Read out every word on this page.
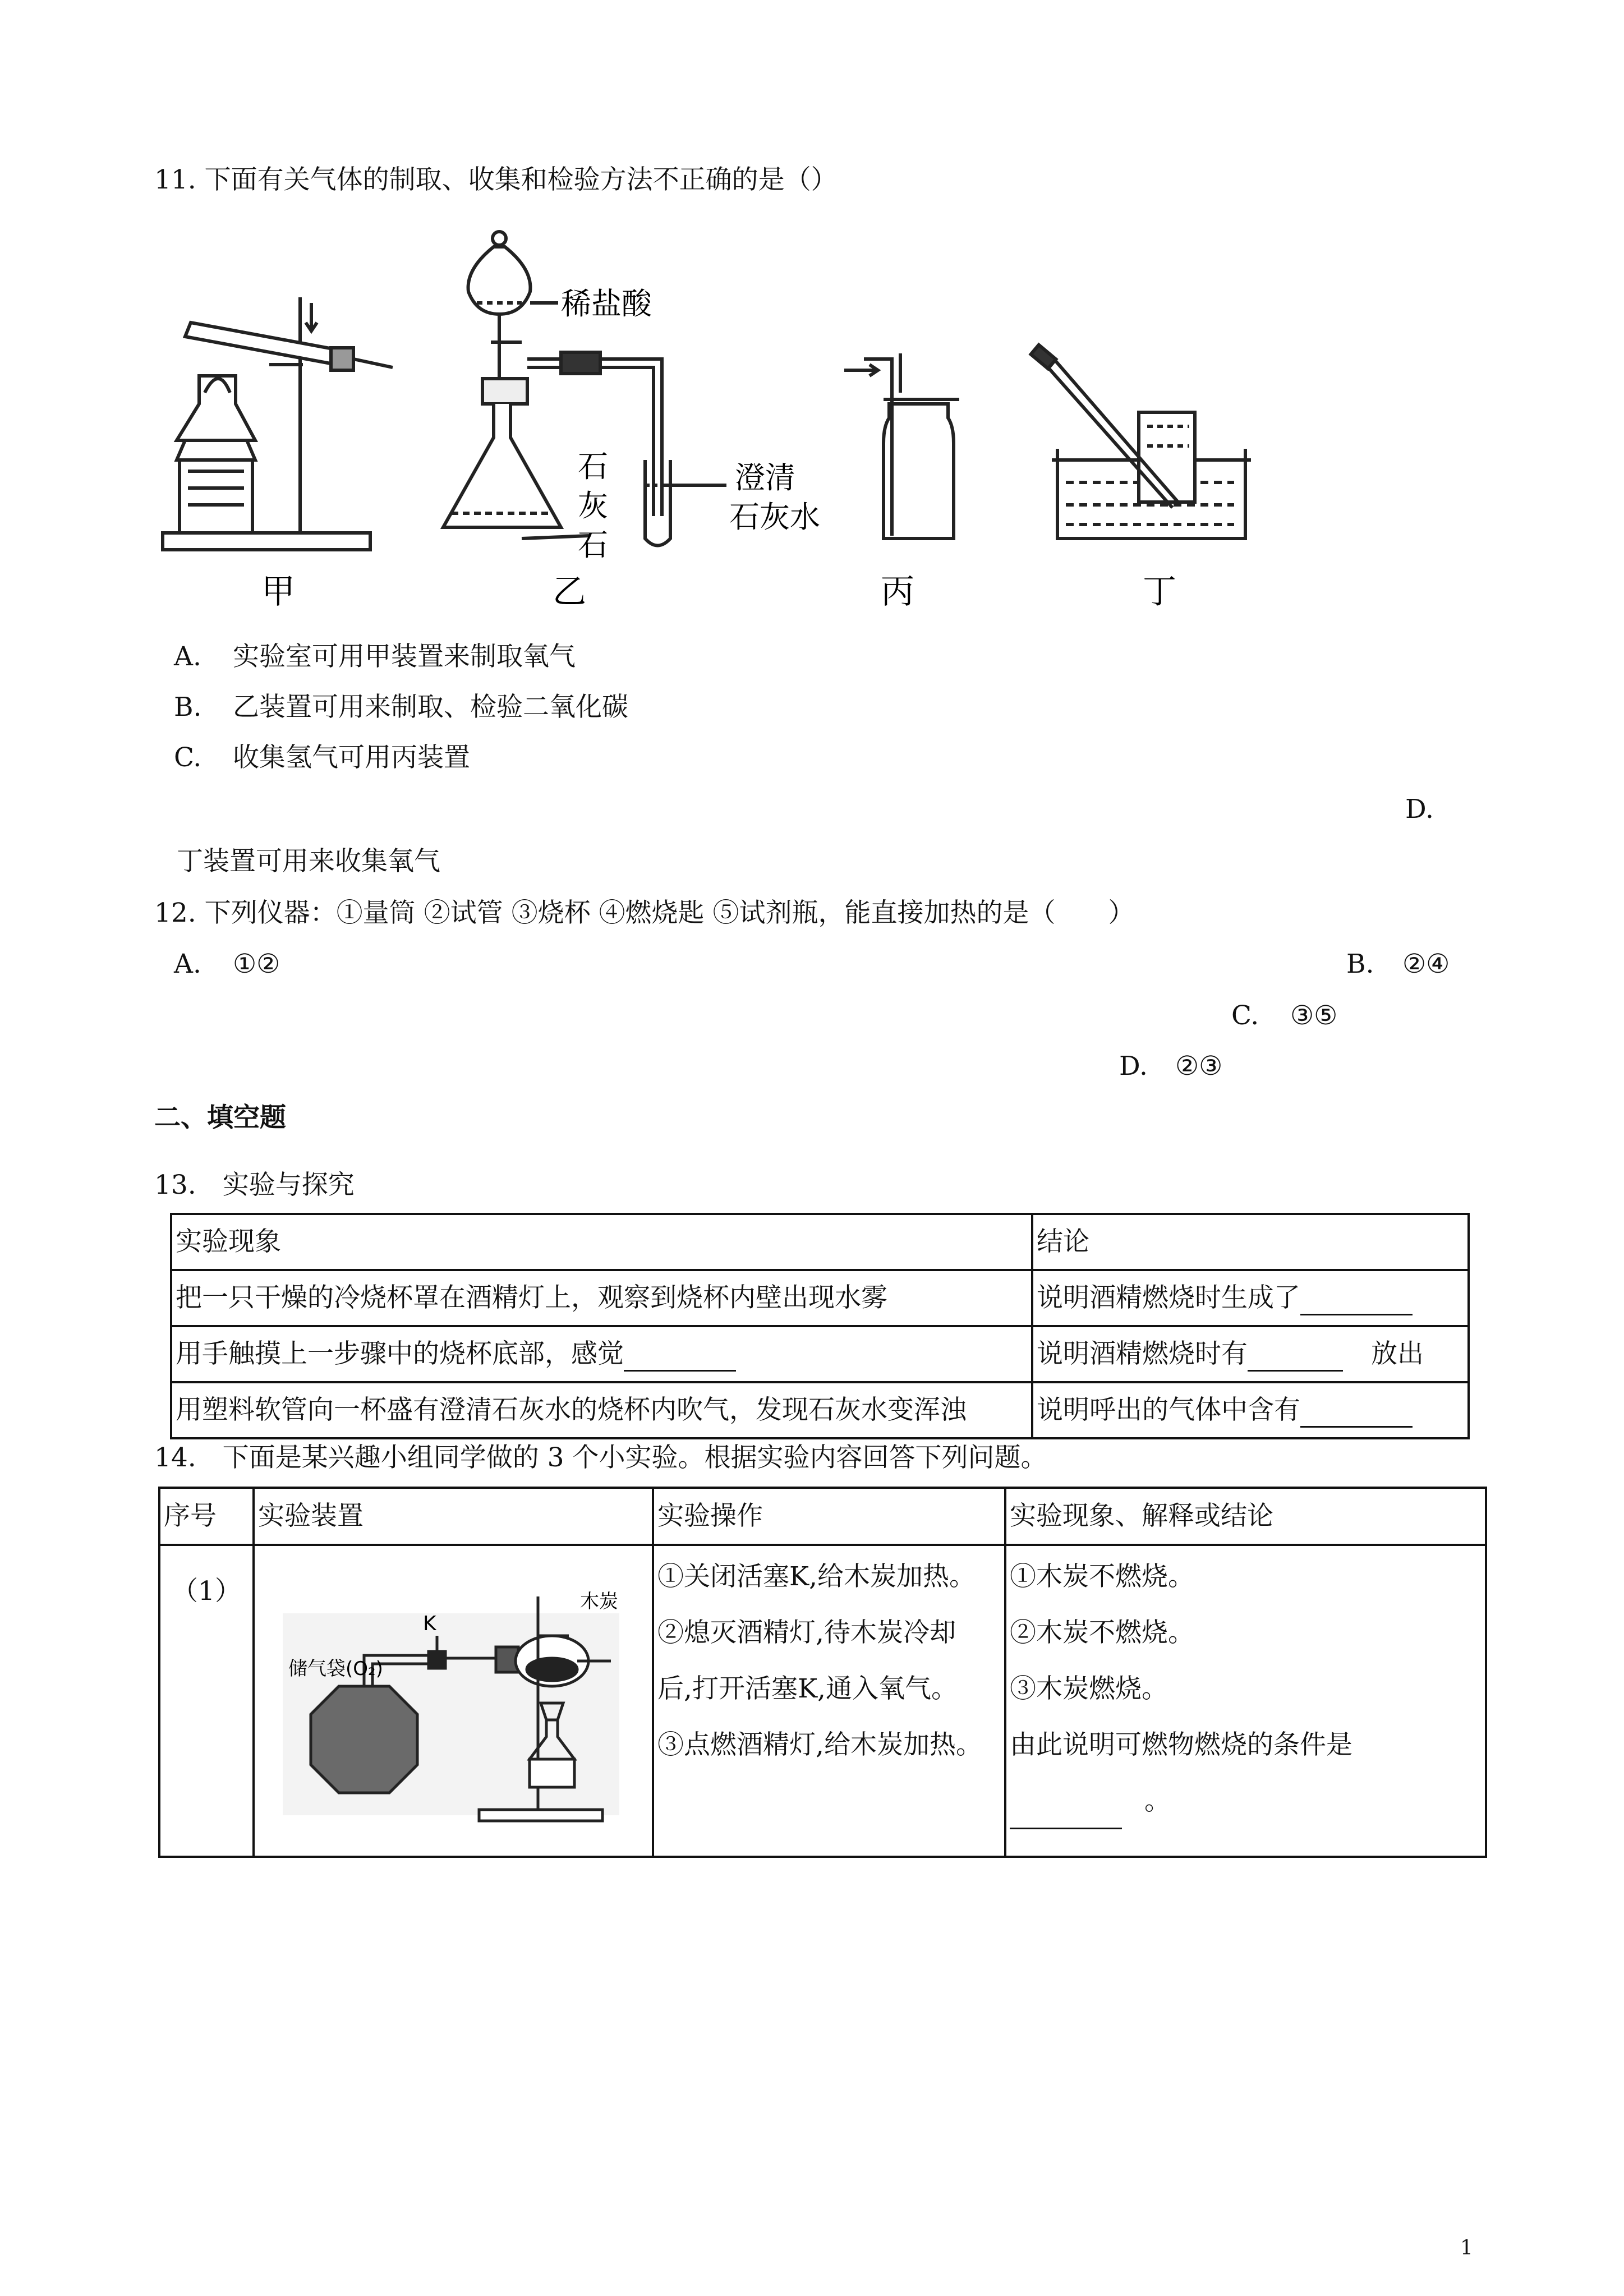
11. 下面有关气体的制取、收集和检验方法不正确的是（）
甲	乙	丙	丁
稀盐酸
石
灰
石
澄清
石灰水
A. 实验室可用甲装置来制取氧气
B. 乙装置可用来制取、检验二氧化碳
C. 收集氢气可用丙装置
D.
丁装置可用来收集氧气
12. 下列仪器：①量筒 ②试管 ③烧杯 ④燃烧匙 ⑤试剂瓶，能直接加热的是（　　）
A. ①②	B. ②④
C. ③⑤
D. ②③
二、填空题
13.　实验与探究
实验现象	结论
把一只干燥的冷烧杯罩在酒精灯上，观察到烧杯内壁出现水雾	说明酒精燃烧时生成了
用手触摸上一步骤中的烧杯底部，感觉	说明酒精燃烧时有 放出
用塑料软管向一杯盛有澄清石灰水的烧杯内吹气，发现石灰水变浑浊	说明呼出的气体中含有
14.　下面是某兴趣小组同学做的 3 个小实验。根据实验内容回答下列问题。
序号	实验装置	实验操作	实验现象、解释或结论
（1）	K
木炭
储气袋(O₂)	①关闭活塞K,给木炭加热。
②熄灭酒精灯,待木炭冷却
后,打开活塞K,通入氧气。
③点燃酒精灯,给木炭加热。	①木炭不燃烧。
②木炭不燃烧。
③木炭燃烧。
由此说明可燃物燃烧的条件是
。
1
